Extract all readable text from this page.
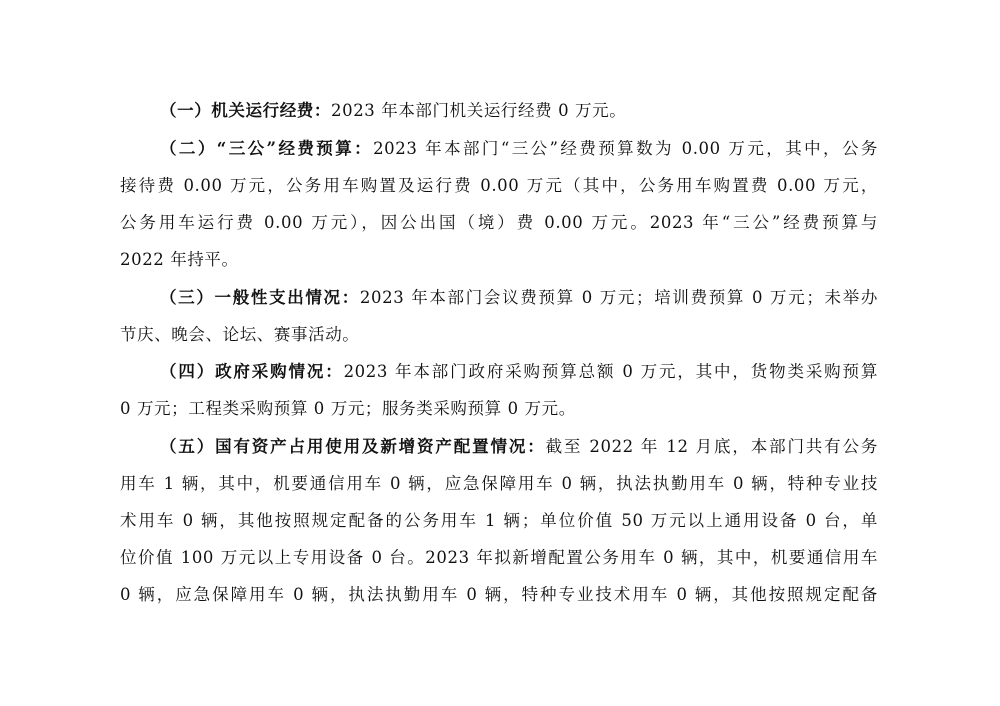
（一）机关运行经费：2023 年本部门机关运行经费 0 万元。
（二）“三公”经费预算：2023 年本部门“三公”经费预算数为 0.00 万元，其中，公务
接待费 0.00 万元，公务用车购置及运行费 0.00 万元（其中，公务用车购置费 0.00 万元，
公务用车运行费 0.00 万元），因公出国（境）费 0.00 万元。2023 年“三公”经费预算与
2022 年持平。
（三）一般性支出情况：2023 年本部门会议费预算 0 万元；培训费预算 0 万元；未举办
节庆、晚会、论坛、赛事活动。
（四）政府采购情况：2023 年本部门政府采购预算总额 0 万元，其中，货物类采购预算
0 万元；工程类采购预算 0 万元；服务类采购预算 0 万元。
（五）国有资产占用使用及新增资产配置情况：截至 2022 年 12 月底，本部门共有公务
用车 1 辆，其中，机要通信用车 0 辆，应急保障用车 0 辆，执法执勤用车 0 辆，特种专业技
术用车 0 辆，其他按照规定配备的公务用车 1 辆；单位价值 50 万元以上通用设备 0 台，单
位价值 100 万元以上专用设备 0 台。2023 年拟新增配置公务用车 0 辆，其中，机要通信用车
0 辆，应急保障用车 0 辆，执法执勤用车 0 辆，特种专业技术用车 0 辆，其他按照规定配备
